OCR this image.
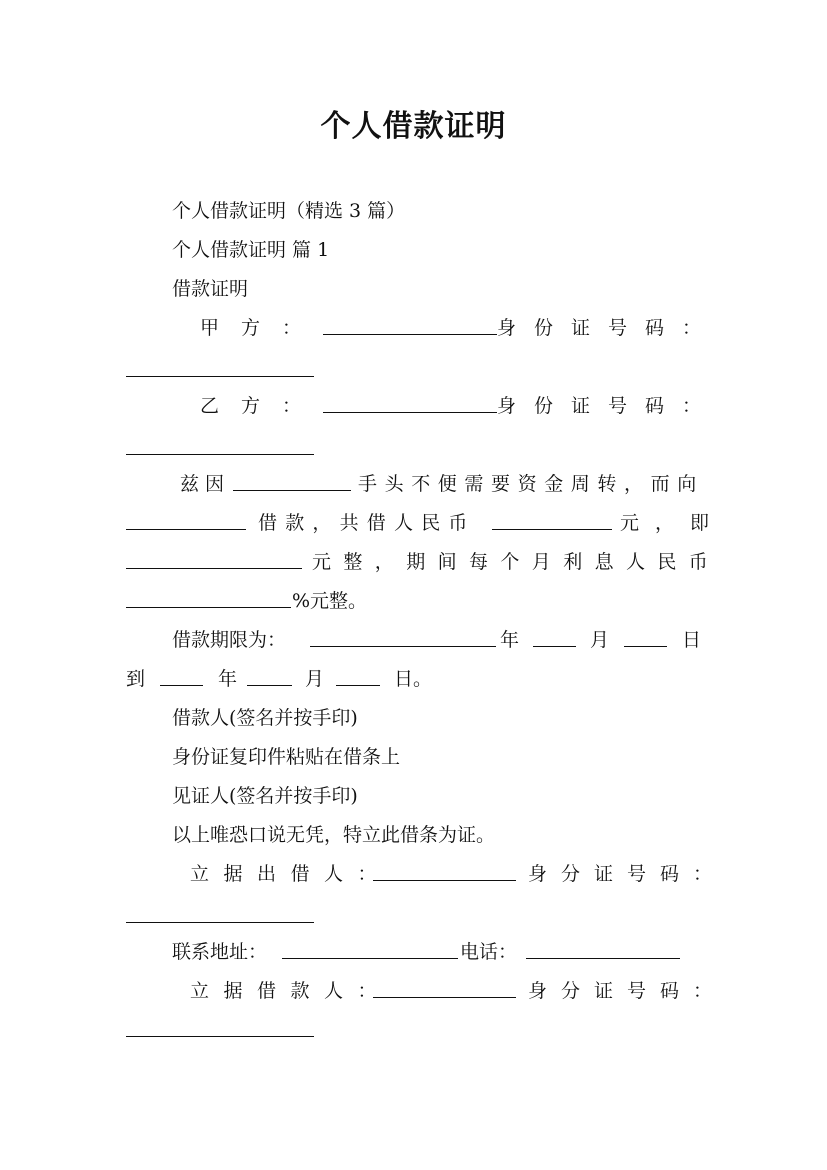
个人借款证明
个人借款证明（精选 3 篇）
个人借款证明 篇 1
借款证明
甲方：	身份证号码：
乙方：	身份证号码：
兹因	手头不便需要资金周转，而向
借款，共借人民币	元，即
元整，期间每个月利息人民币
%元整。
借款期限为：	年	月	日
到	年	月	日。
借款人(签名并按手印)
身份证复印件粘贴在借条上
见证人(签名并按手印)
以上唯恐口说无凭，特立此借条为证。
立据出借人：	身分证号码：
联系地址：	电话：
立据借款人：	身分证号码：
